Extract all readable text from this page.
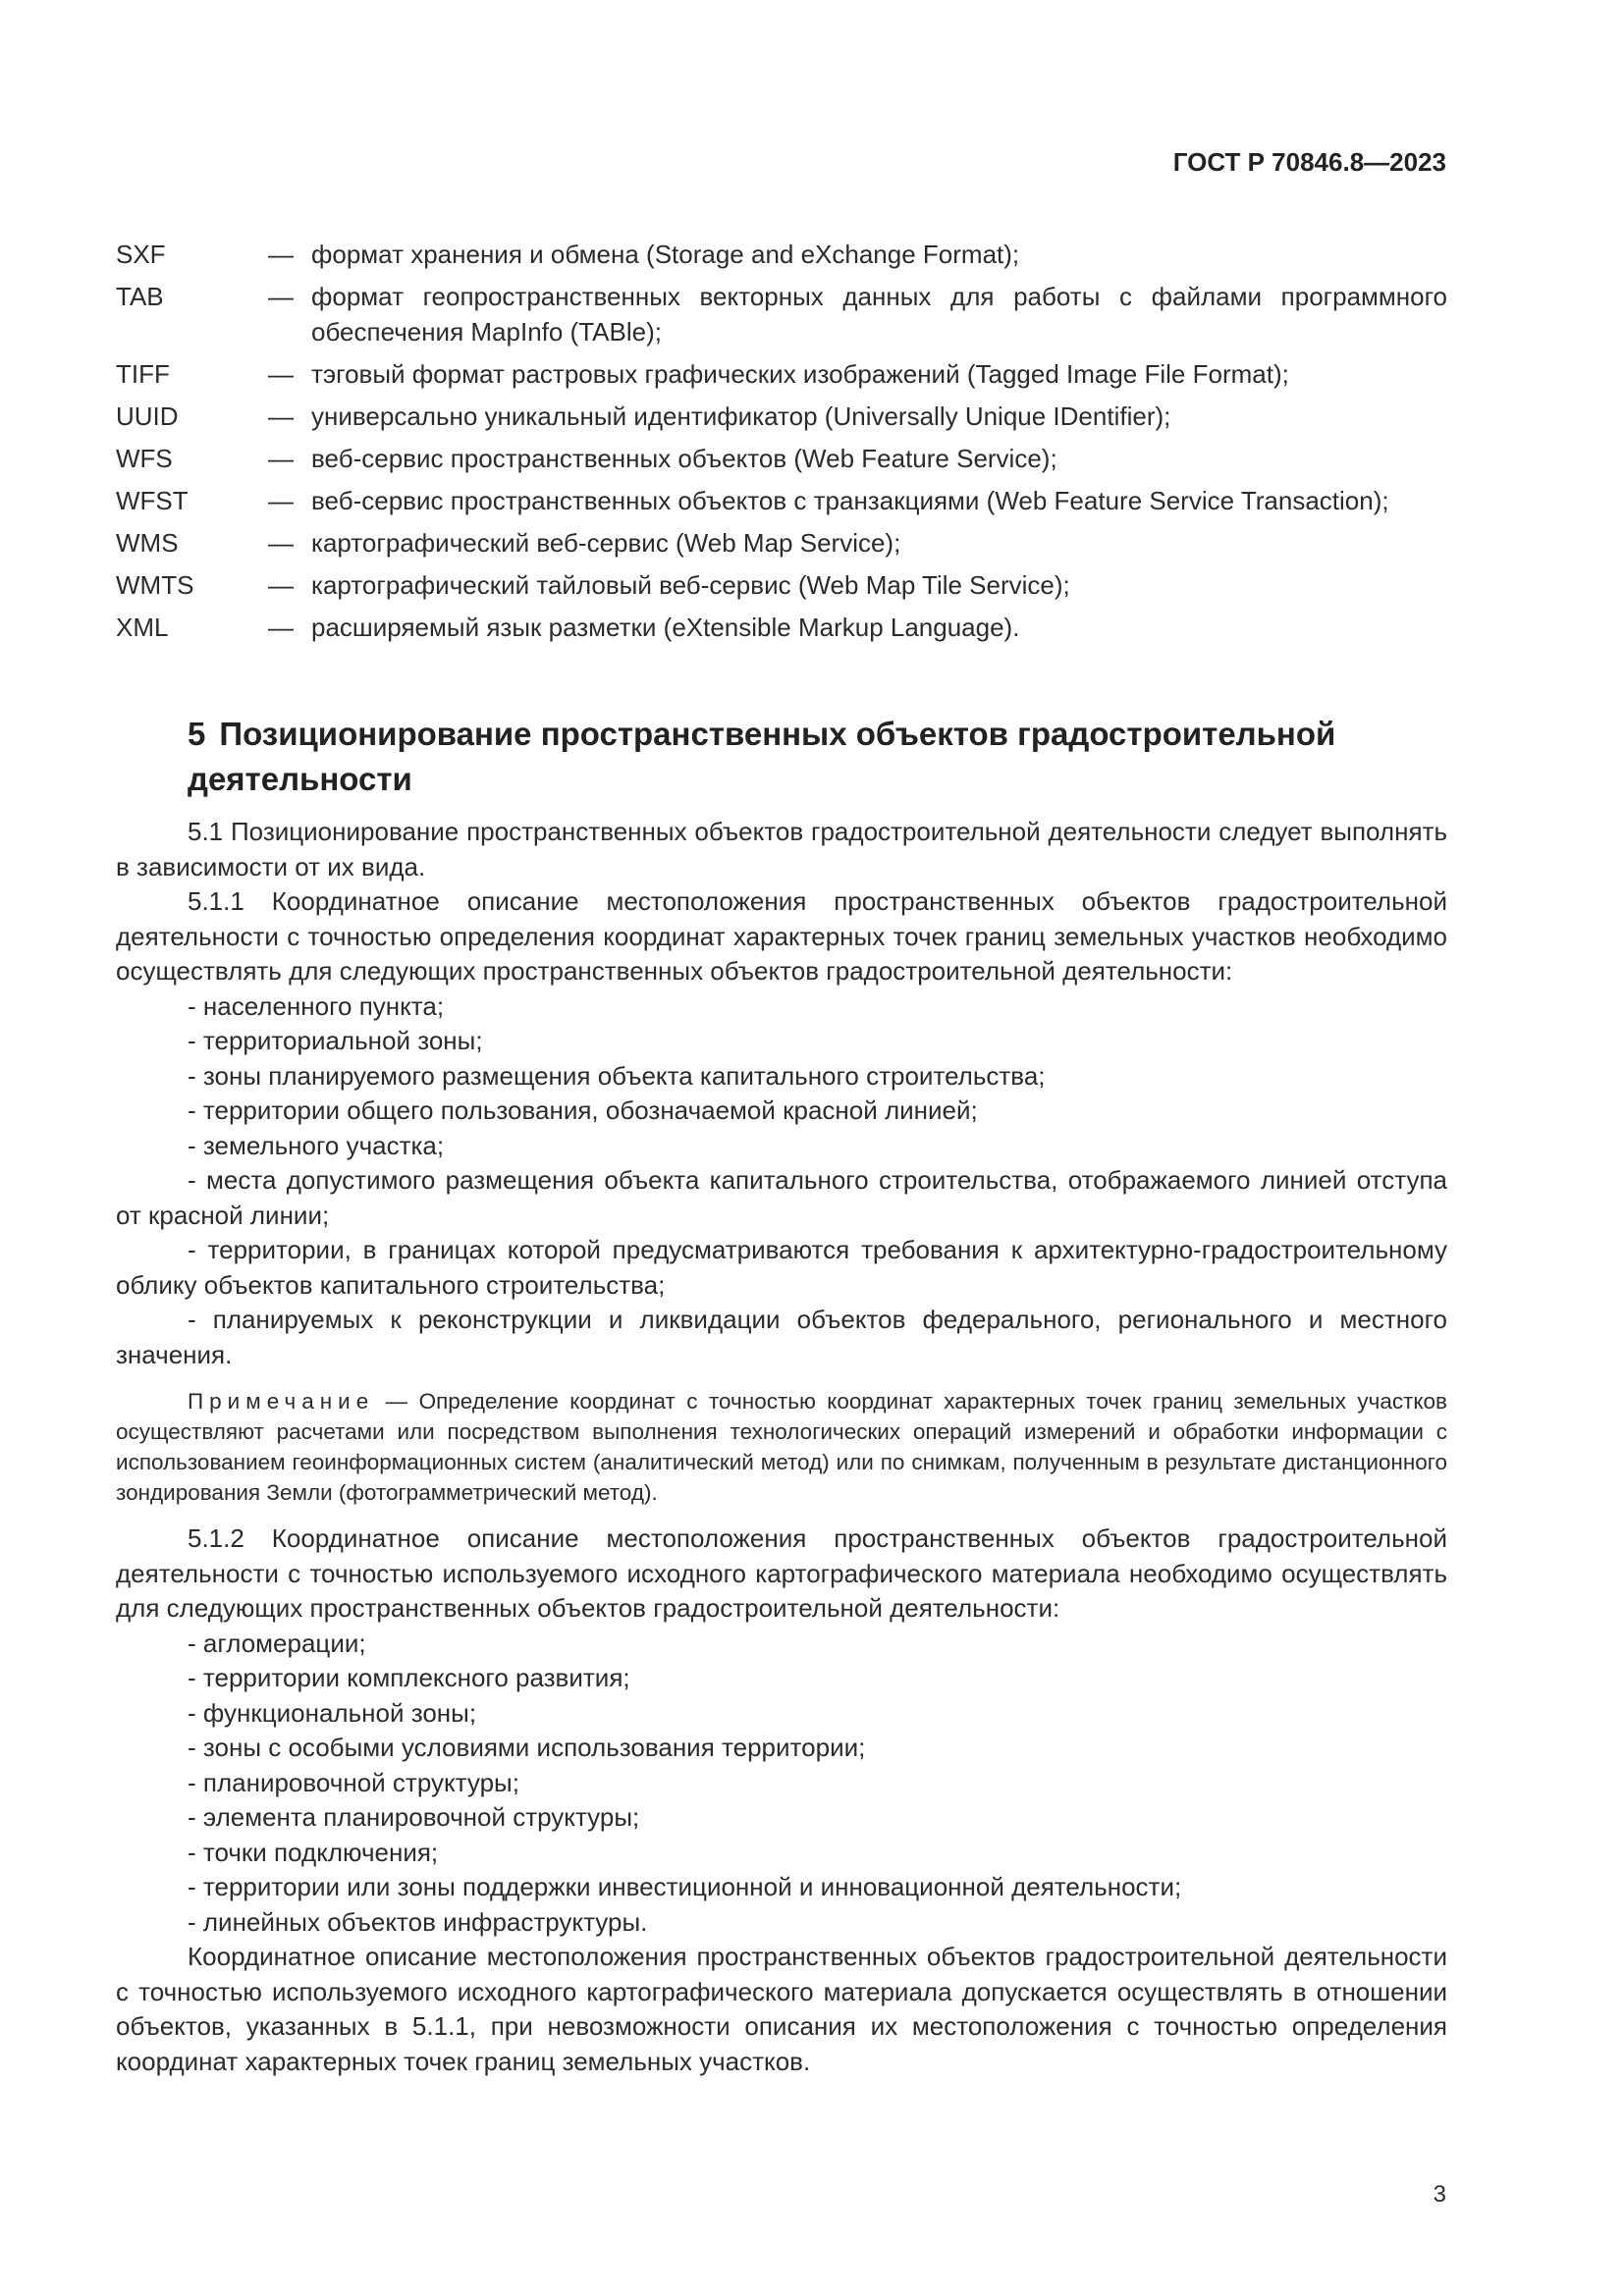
ГОСТ Р 70846.8—2023
SXF	— формат хранения и обмена (Storage and eXchange Format);
TAB	— формат геопространственных векторных данных для работы с файлами программного обеспечения MapInfo (TABle);
TIFF	— тэговый формат растровых графических изображений (Tagged Image File Format);
UUID	— универсально уникальный идентификатор (Universally Unique IDentifier);
WFS	— веб-сервис пространственных объектов (Web Feature Service);
WFST	— веб-сервис пространственных объектов с транзакциями (Web Feature Service Transaction);
WMS	— картографический веб-сервис (Web Map Service);
WMTS	— картографический тайловый веб-сервис (Web Map Tile Service);
XML	— расширяемый язык разметки (eXtensible Markup Language).
5 Позиционирование пространственных объектов градостроительной деятельности

5.1 Позиционирование пространственных объектов градостроительной деятельности следует выполнять в зависимости от их вида.

5.1.1 Координатное описание местоположения пространственных объектов градостроительной деятельности с точностью определения координат характерных точек границ земельных участков необходимо осуществлять для следующих пространственных объектов градостроительной деятельности:

- населенного пункта;

- территориальной зоны;

- зоны планируемого размещения объекта капитального строительства;

- территории общего пользования, обозначаемой красной линией;

- земельного участка;

- места допустимого размещения объекта капитального строительства, отображаемого линией отступа от красной линии;

- территории, в границах которой предусматриваются требования к архитектурно-градостроительному облику объектов капитального строительства;

- планируемых к реконструкции и ликвидации объектов федерального, регионального и местного значения.

Примечание — Определение координат с точностью координат характерных точек границ земельных участков осуществляют расчетами или посредством выполнения технологических операций измерений и обработки информации с использованием геоинформационных систем (аналитический метод) или по снимкам, полученным в результате дистанционного зондирования Земли (фотограмметрический метод).

5.1.2 Координатное описание местоположения пространственных объектов градостроительной деятельности с точностью используемого исходного картографического материала необходимо осуществлять для следующих пространственных объектов градостроительной деятельности:

- агломерации;

- территории комплексного развития;

- функциональной зоны;

- зоны с особыми условиями использования территории;

- планировочной структуры;

- элемента планировочной структуры;

- точки подключения;

- территории или зоны поддержки инвестиционной и инновационной деятельности;

- линейных объектов инфраструктуры.

Координатное описание местоположения пространственных объектов градостроительной деятельности с точностью используемого исходного картографического материала допускается осуществлять в отношении объектов, указанных в 5.1.1, при невозможности описания их местоположения с точностью определения координат характерных точек границ земельных участков.

3
